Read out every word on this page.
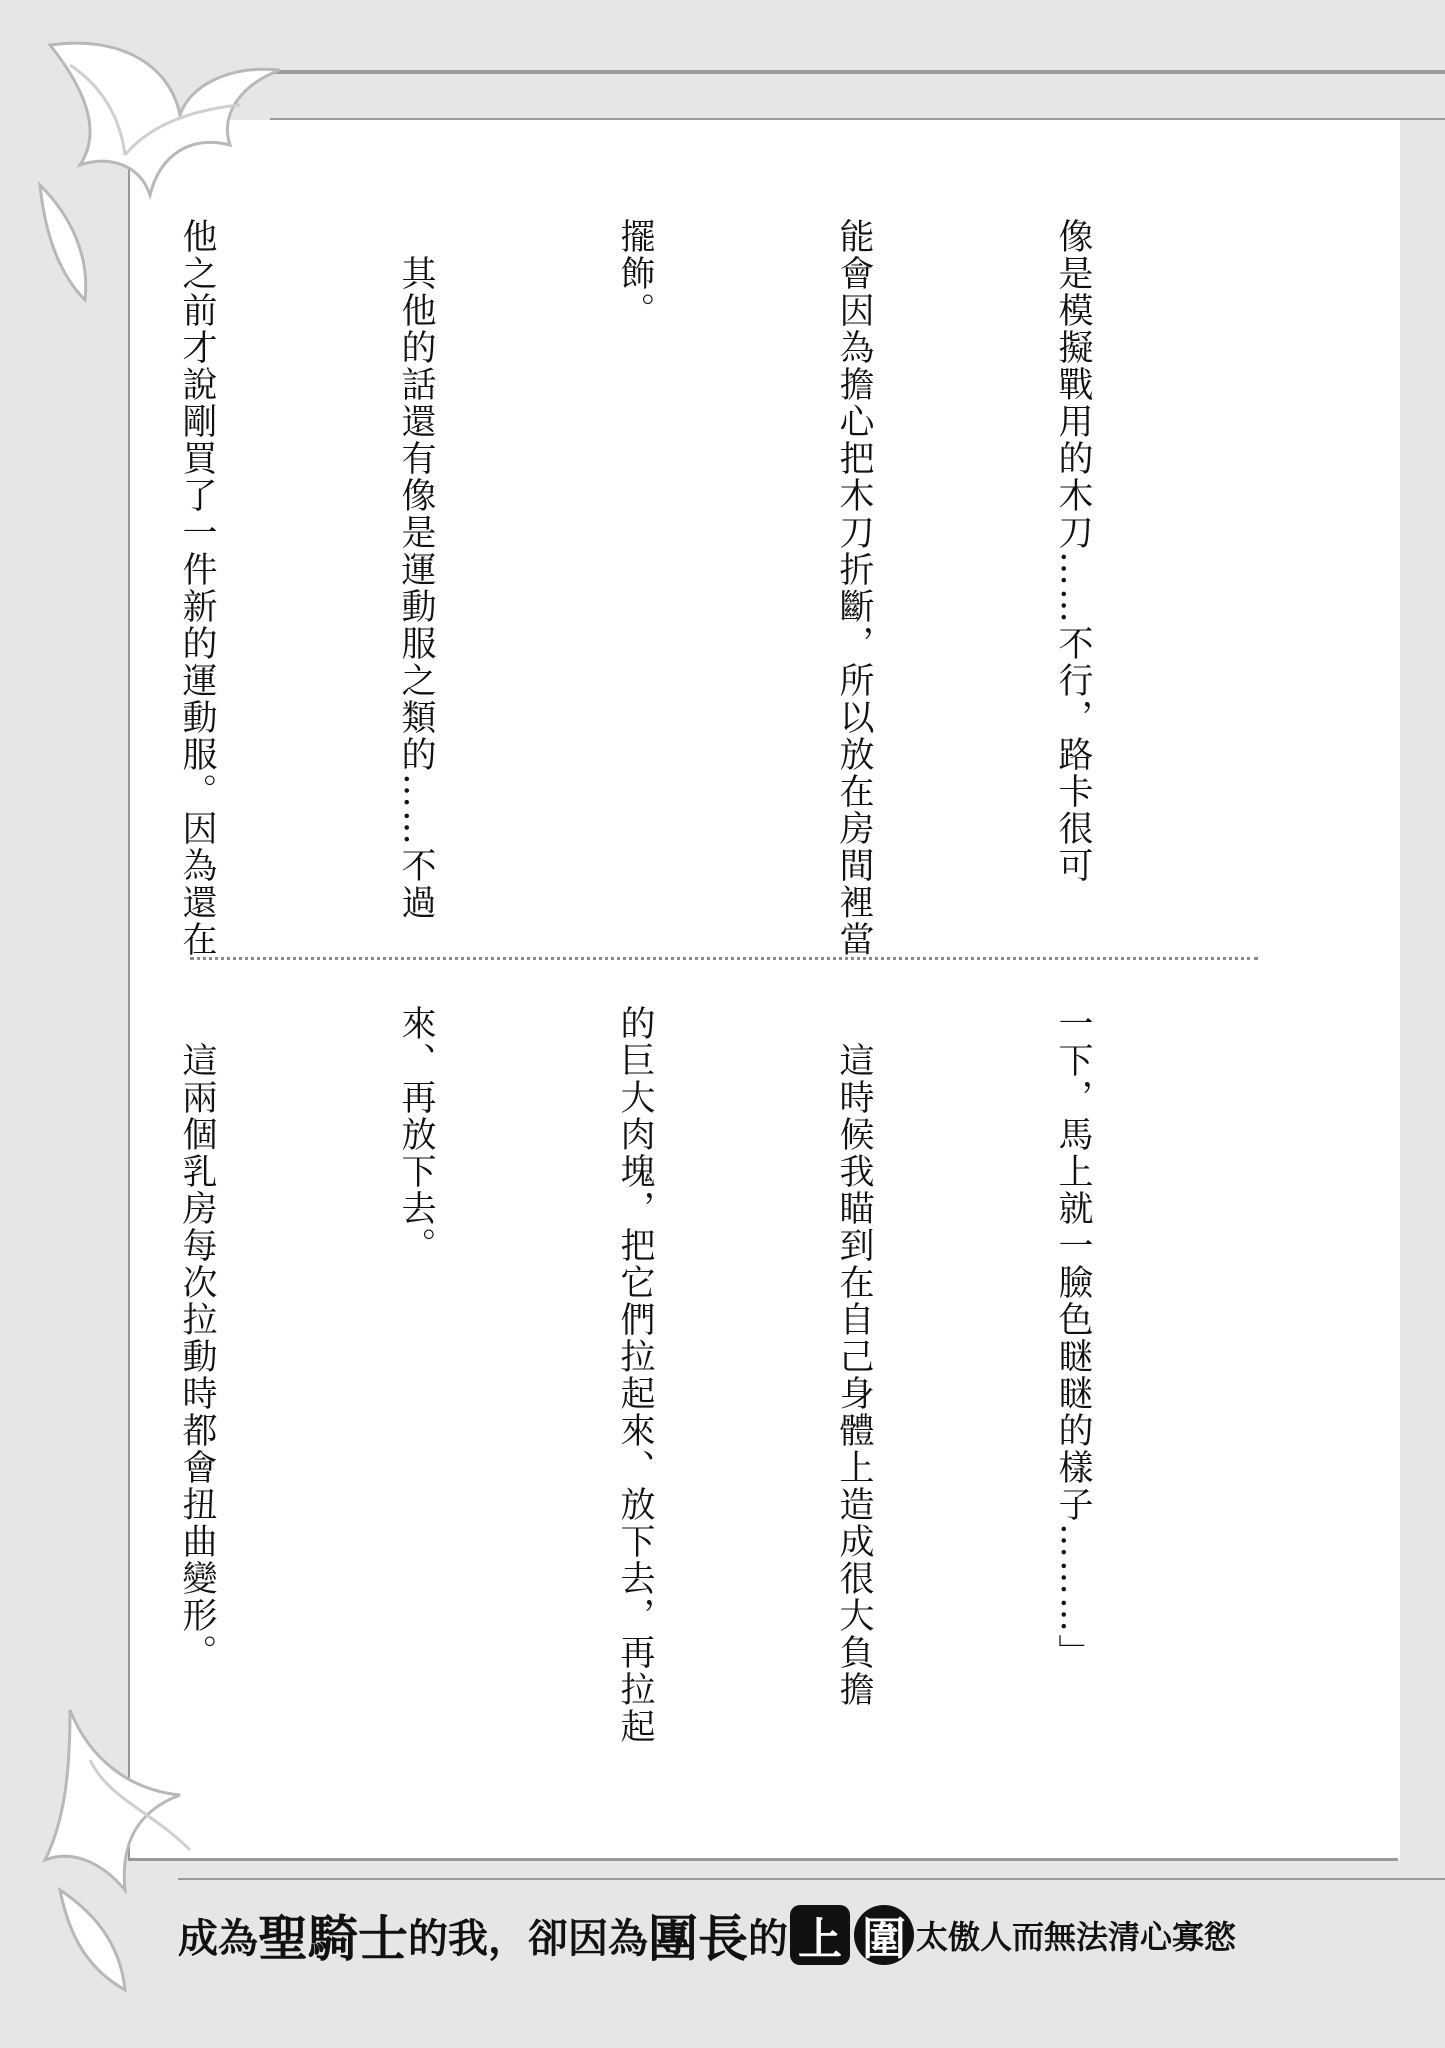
像是模擬戰用的木刀……不行，路卡很可

能會因為擔心把木刀折斷，所以放在房間裡當

擺飾。

　其他的話還有像是運動服之類的……不過

他之前才說剛買了一件新的運動服。因為還在

一下，馬上就一臉色瞇瞇的樣子………」

　這時候我瞄到在自己身體上造成很大負擔

的巨大肉塊，把它們拉起來、放下去，再拉起

來、再放下去。

　這兩個乳房每次拉動時都會扭曲變形。

成為 聖騎士 的我，卻因為 團長 的 上 圍 太傲人而無法清心寡慾
